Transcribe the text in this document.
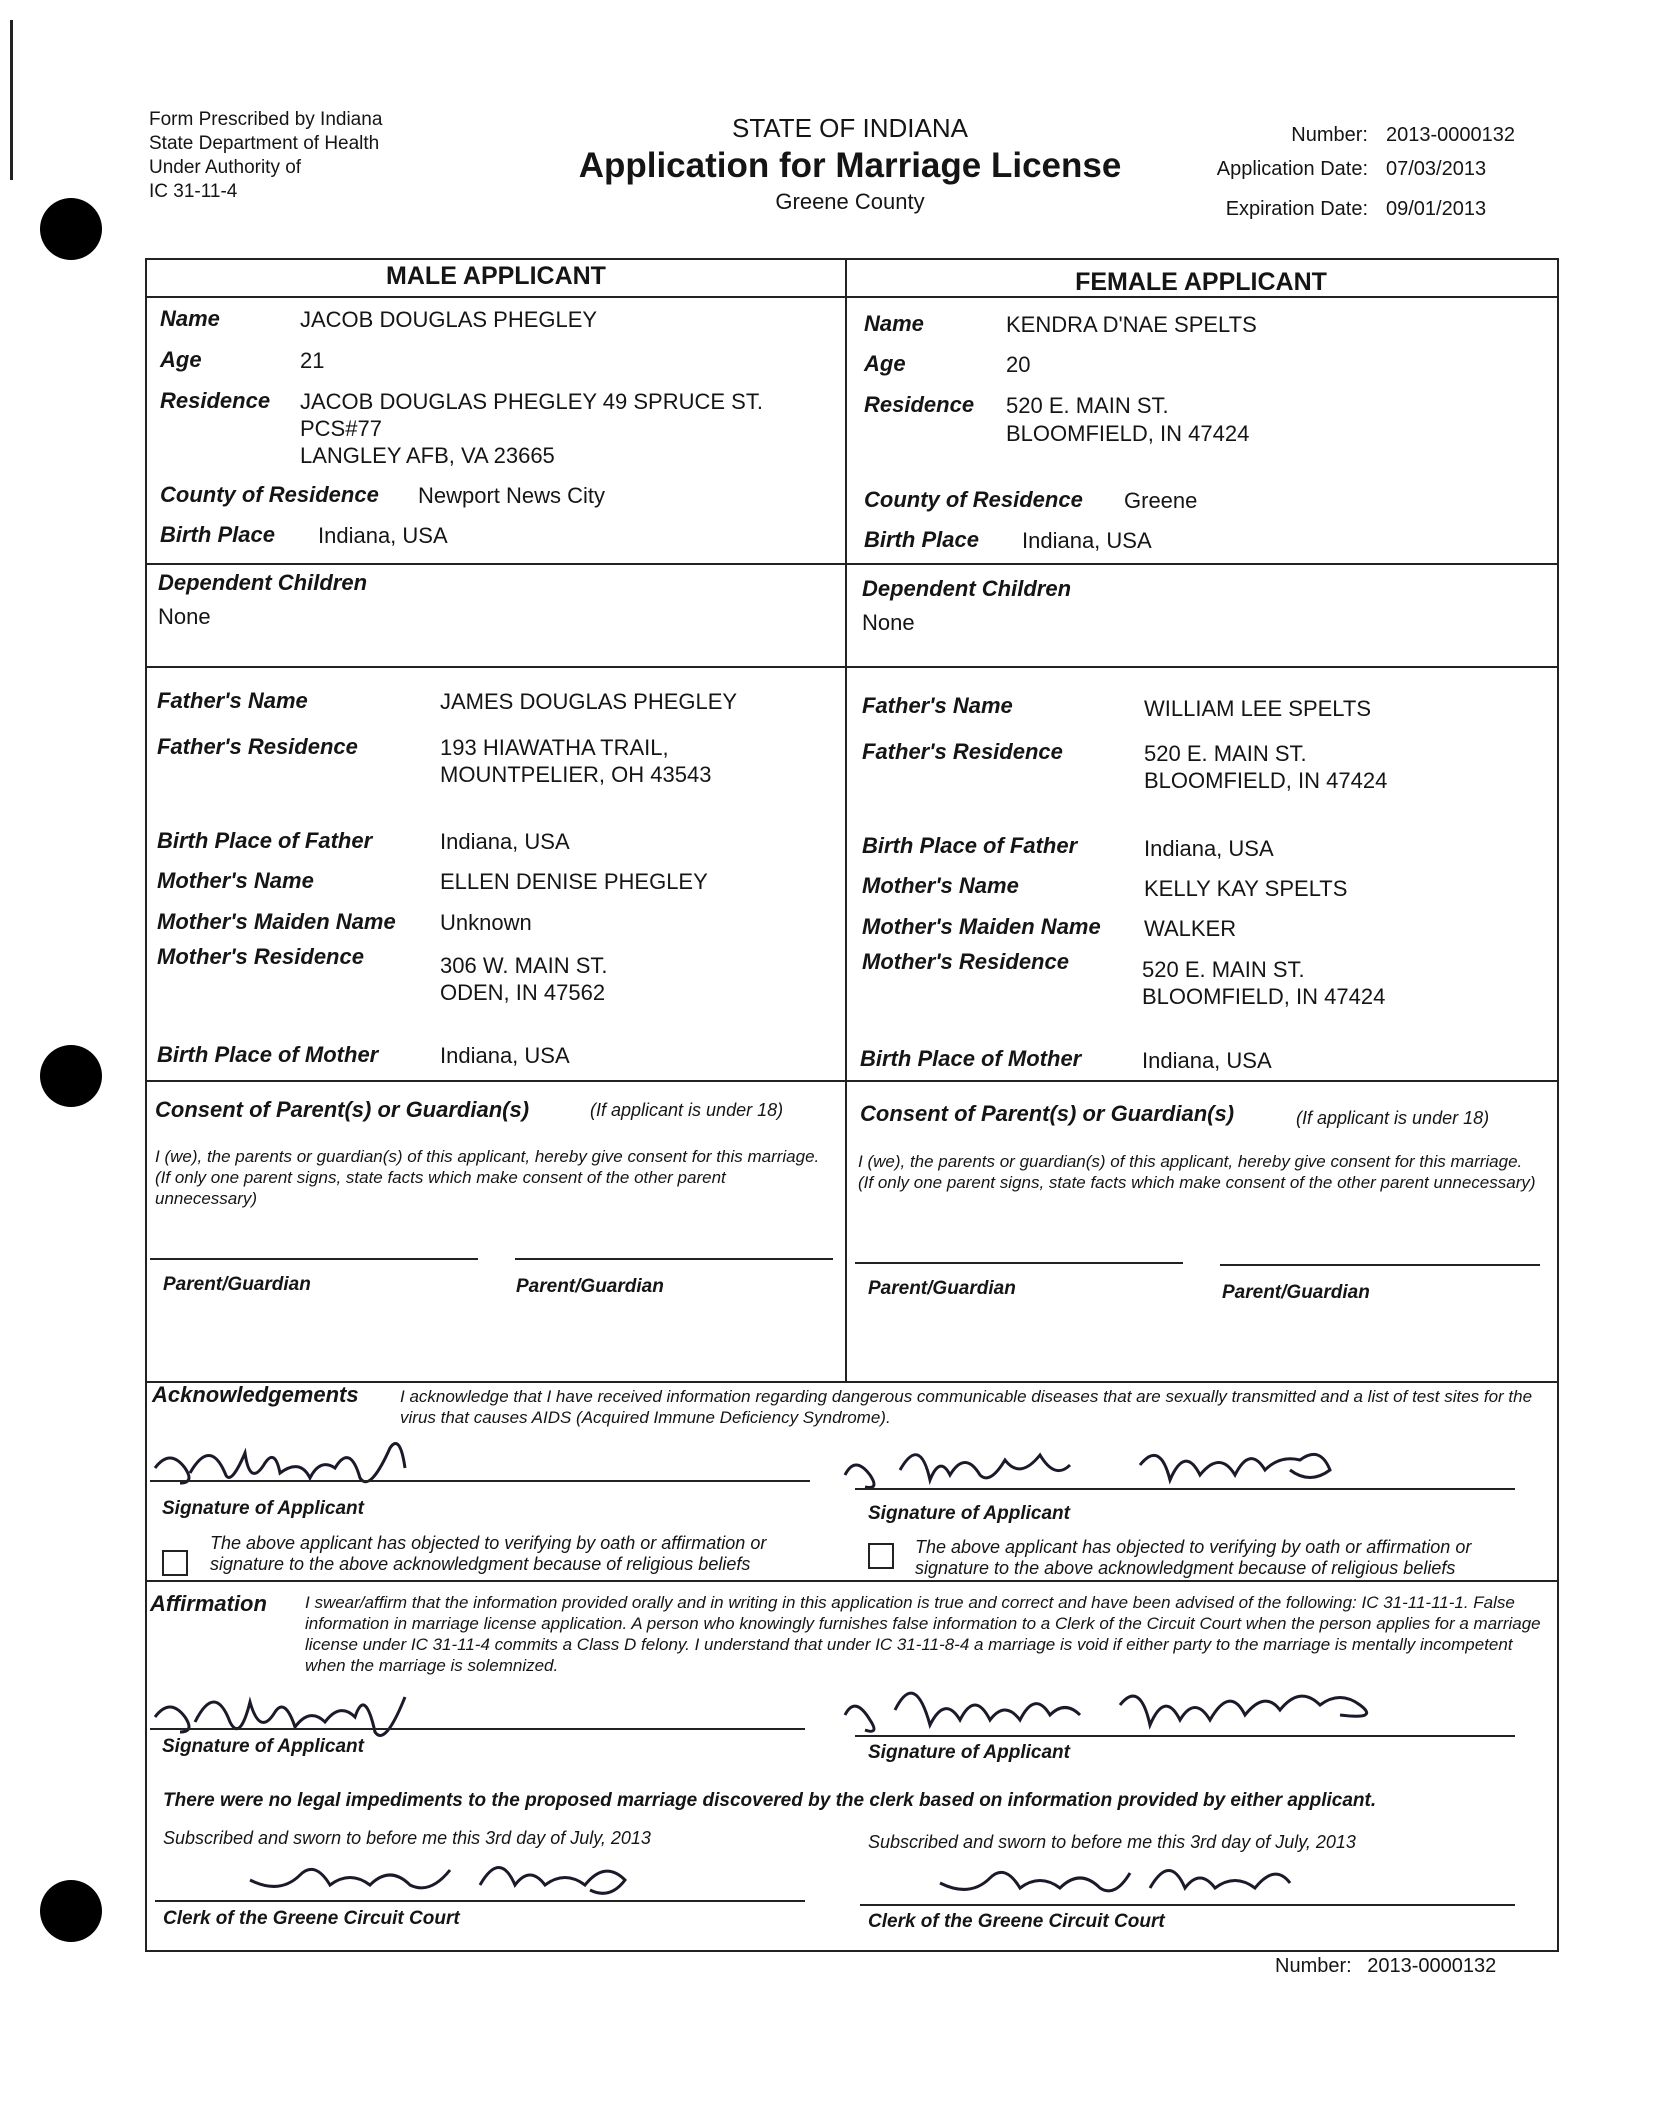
Form Prescribed by Indiana
State Department of Health
Under Authority of
IC 31-11-4
STATE OF INDIANA
Application for Marriage License
Greene County
Number: 2013-0000132
Application Date: 07/03/2013
Expiration Date: 09/01/2013
MALE APPLICANT	FEMALE APPLICANT
Name	JACOB DOUGLAS PHEGLEY
Age	21
Residence JACOB DOUGLAS PHEGLEY 49 SPRUCE ST.
PCS#77
LANGLEY AFB, VA 23665
County of Residence Newport News City
Birth Place Indiana, USA
Dependent Children
None
Father's Name	JAMES DOUGLAS PHEGLEY
Father's Residence	193 HIAWATHA TRAIL,
MOUNTPELIER, OH 43543
Birth Place of Father	Indiana, USA
Mother's Name	ELLEN DENISE PHEGLEY
Mother's Maiden Name Unknown
Mother's Residence	306 W. MAIN ST.
ODEN, IN 47562
Birth Place of Mother	Indiana, USA
Name	KENDRA D'NAE SPELTS
Age	20
Residence 520 E. MAIN ST.
BLOOMFIELD, IN 47424
County of Residence Greene
Birth Place Indiana, USA
Dependent Children
None
Father's Name	WILLIAM LEE SPELTS
Father's Residence	520 E. MAIN ST.
BLOOMFIELD, IN 47424
Birth Place of Father	Indiana, USA
Mother's Name	KELLY KAY SPELTS
Mother's Maiden Name WALKER
Mother's Residence	520 E. MAIN ST.
BLOOMFIELD, IN 47424
Birth Place of Mother	Indiana, USA
Consent of Parent(s) or Guardian(s)	(If applicant is under 18)
I (we), the parents or guardian(s) of this applicant, hereby give consent for this marriage. (If only one parent signs, state facts which make consent of the other parent unnecessary)
Parent/Guardian	Parent/Guardian
Consent of Parent(s) or Guardian(s)	(If applicant is under 18)
I (we), the parents or guardian(s) of this applicant, hereby give consent for this marriage. (If only one parent signs, state facts which make consent of the other parent unnecessary)
Parent/Guardian	Parent/Guardian
Acknowledgements I acknowledge that I have received information regarding dangerous communicable diseases that are sexually transmitted and a list of test sites for the virus that causes AIDS (Acquired Immune Deficiency Syndrome).
Signature of Applicant	Signature of Applicant
The above applicant has objected to verifying by oath or affirmation or signature to the above acknowledgment because of religious beliefs
The above applicant has objected to verifying by oath or affirmation or signature to the above acknowledgment because of religious beliefs
Affirmation I swear/affirm that the information provided orally and in writing in this application is true and correct and have been advised of the following: IC 31-11-11-1. False information in marriage license application. A person who knowingly furnishes false information to a Clerk of the Circuit Court when the person applies for a marriage license under IC 31-11-4 commits a Class D felony. I understand that under IC 31-11-8-4 a marriage is void if either party to the marriage is mentally incompetent when the marriage is solemnized.
Signature of Applicant	Signature of Applicant
There were no legal impediments to the proposed marriage discovered by the clerk based on information provided by either applicant.
Subscribed and sworn to before me this 3rd day of July, 2013
Clerk of the Greene Circuit Court
Subscribed and sworn to before me this 3rd day of July, 2013
Clerk of the Greene Circuit Court
Number: 2013-0000132
